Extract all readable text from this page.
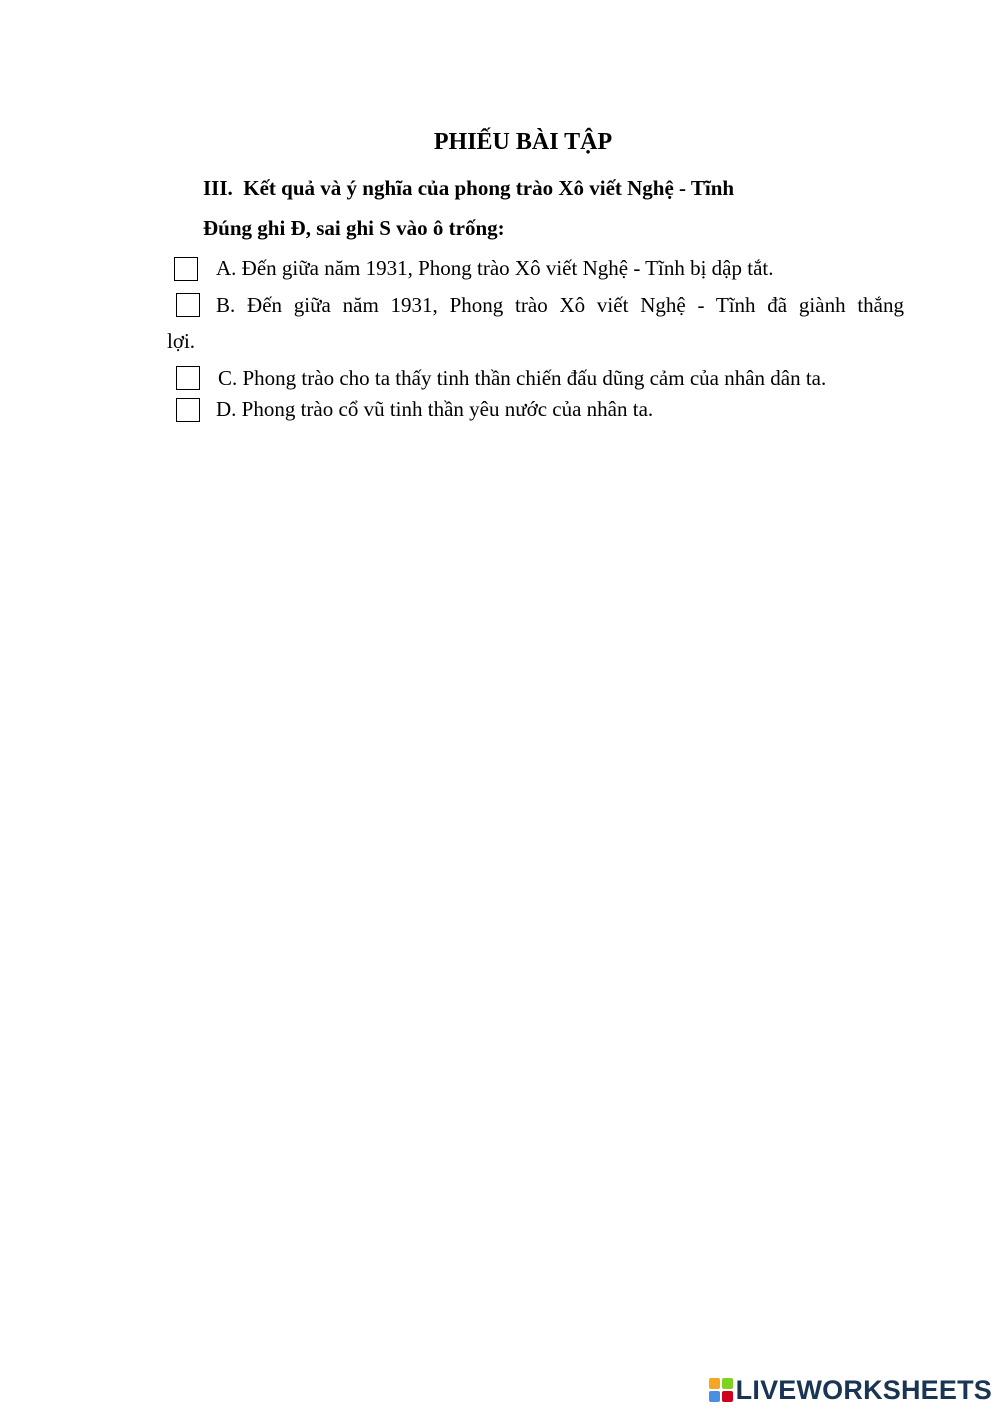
PHIẾU BÀI TẬP
III.  Kết quả và ý nghĩa của phong trào Xô viết Nghệ - Tĩnh
Đúng ghi Đ, sai ghi S vào ô trống:
A. Đến giữa năm 1931, Phong trào Xô viết Nghệ - Tĩnh bị dập tắt.
B. Đến giữa năm 1931, Phong trào Xô viết Nghệ - Tĩnh đã giành thắng
lợi.
C. Phong trào cho ta thấy tinh thần chiến đấu dũng cảm của nhân dân ta.
D. Phong trào cổ vũ tinh thần yêu nước của nhân ta.
LIVEWORKSHEETS
